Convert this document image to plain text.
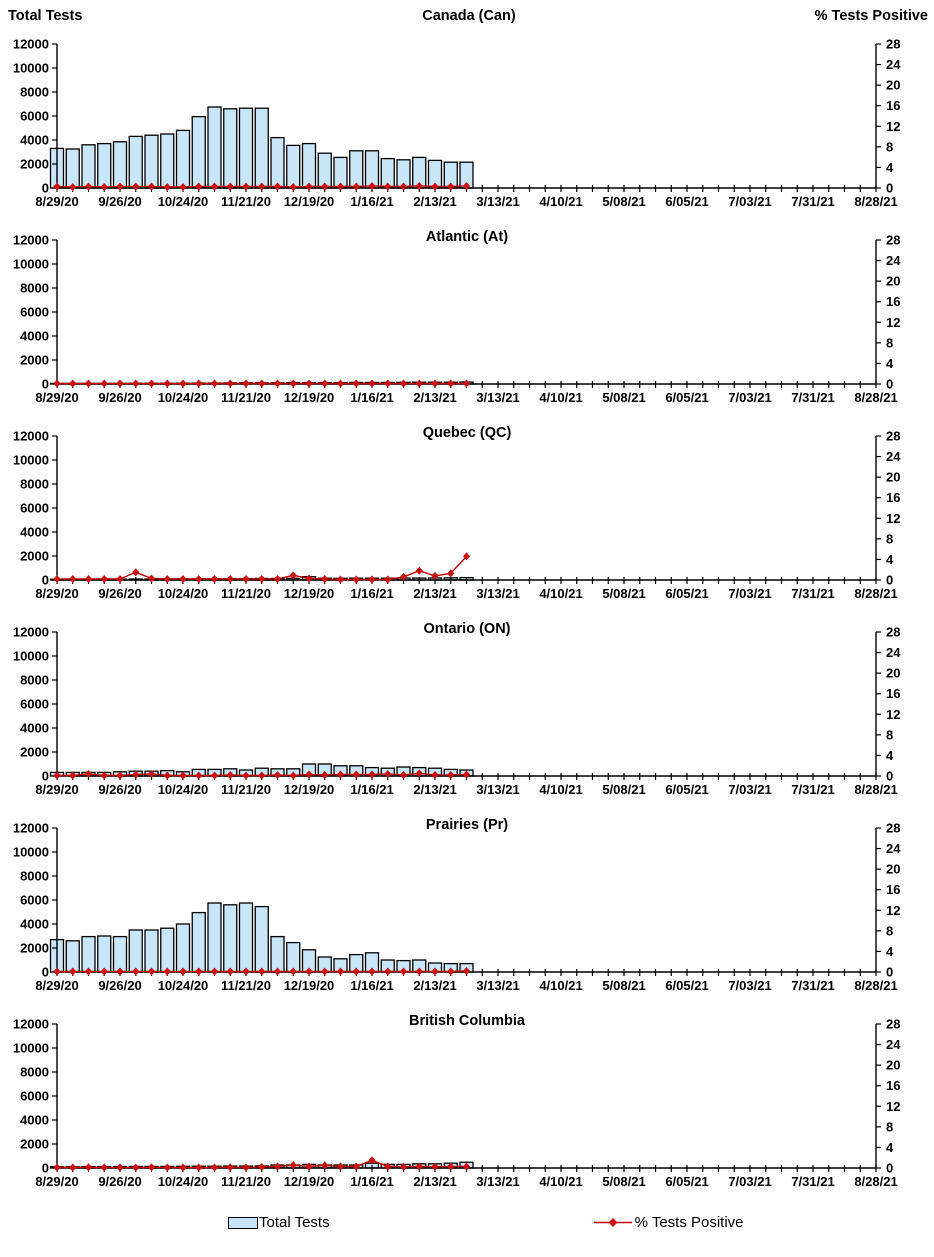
Total Tests	Canada (Can)	% Tests Positive
0
2000
4000
6000
8000
10000
12000
0
4
8
12
16
20
24
28
8/29/20 9/26/20 10/24/20 11/21/20 12/19/20 1/16/21 2/13/21 3/13/21 4/10/21 5/08/21 6/05/21 7/03/21 7/31/21 8/28/21
Atlantic (At)
0
2000
4000
6000
8000
10000
12000
0
4
8
12
16
20
24
28
8/29/20 9/26/20 10/24/20 11/21/20 12/19/20 1/16/21 2/13/21 3/13/21 4/10/21 5/08/21 6/05/21 7/03/21 7/31/21 8/28/21
Quebec (QC)
0
2000
4000
6000
8000
10000
12000
0
4
8
12
16
20
24
28
8/29/20 9/26/20 10/24/20 11/21/20 12/19/20 1/16/21 2/13/21 3/13/21 4/10/21 5/08/21 6/05/21 7/03/21 7/31/21 8/28/21
Ontario (ON)
0
2000
4000
6000
8000
10000
12000
0
4
8
12
16
20
24
28
8/29/20 9/26/20 10/24/20 11/21/20 12/19/20 1/16/21 2/13/21 3/13/21 4/10/21 5/08/21 6/05/21 7/03/21 7/31/21 8/28/21
Prairies (Pr)
0
2000
4000
6000
8000
10000
12000
0
4
8
12
16
20
24
28
8/29/20 9/26/20 10/24/20 11/21/20 12/19/20 1/16/21 2/13/21 3/13/21 4/10/21 5/08/21 6/05/21 7/03/21 7/31/21 8/28/21
British Columbia
0
2000
4000
6000
8000
10000
12000
0
4
8
12
16
20
24
28
8/29/20 9/26/20 10/24/20 11/21/20 12/19/20 1/16/21 2/13/21 3/13/21 4/10/21 5/08/21 6/05/21 7/03/21 7/31/21 8/28/21
Total Tests	% Tests Positive
